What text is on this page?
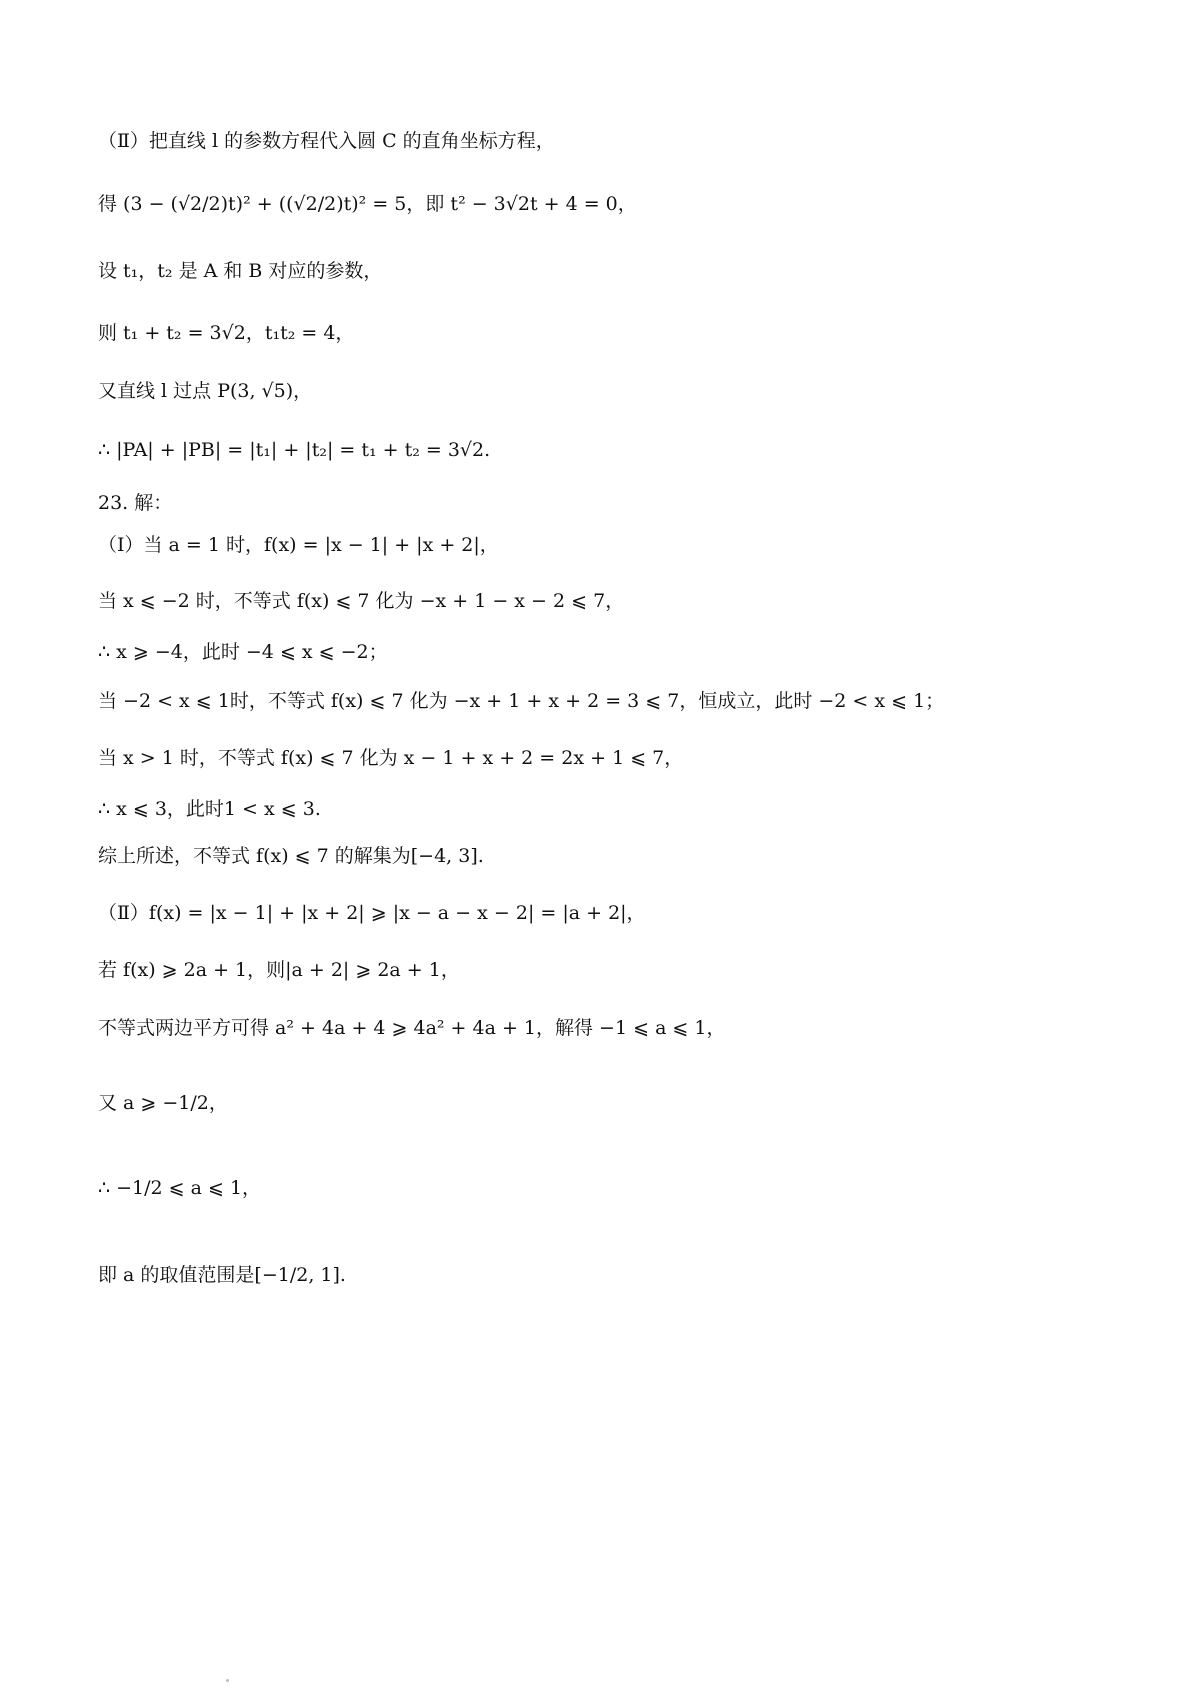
（Ⅱ）把直线 l 的参数方程代入圆 C 的直角坐标方程，
得 (3 − (√2/2)t)² + ((√2/2)t)² = 5，即 t² − 3√2t + 4 = 0，
设 t₁，t₂ 是 A 和 B 对应的参数，
则 t₁ + t₂ = 3√2，t₁t₂ = 4，
又直线 l 过点 P(3, √5)，
∴ |PA| + |PB| = |t₁| + |t₂| = t₁ + t₂ = 3√2.
23. 解：
（Ⅰ）当 a = 1 时，f(x) = |x − 1| + |x + 2|，
当 x ⩽ −2 时，不等式 f(x) ⩽ 7 化为 −x + 1 − x − 2 ⩽ 7，
∴ x ⩾ −4，此时 −4 ⩽ x ⩽ −2；
当 −2 < x ⩽ 1时，不等式 f(x) ⩽ 7 化为 −x + 1 + x + 2 = 3 ⩽ 7，恒成立，此时 −2 < x ⩽ 1；
当 x > 1 时，不等式 f(x) ⩽ 7 化为 x − 1 + x + 2 = 2x + 1 ⩽ 7，
∴ x ⩽ 3，此时1 < x ⩽ 3.
综上所述，不等式 f(x) ⩽ 7 的解集为[−4, 3].
（Ⅱ）f(x) = |x − 1| + |x + 2| ⩾ |x − a − x − 2| = |a + 2|，
若 f(x) ⩾ 2a + 1，则|a + 2| ⩾ 2a + 1，
不等式两边平方可得 a² + 4a + 4 ⩾ 4a² + 4a + 1，解得 −1 ⩽ a ⩽ 1，
又 a ⩾ −1/2，
∴ −1/2 ⩽ a ⩽ 1，
即 a 的取值范围是[−1/2, 1].
